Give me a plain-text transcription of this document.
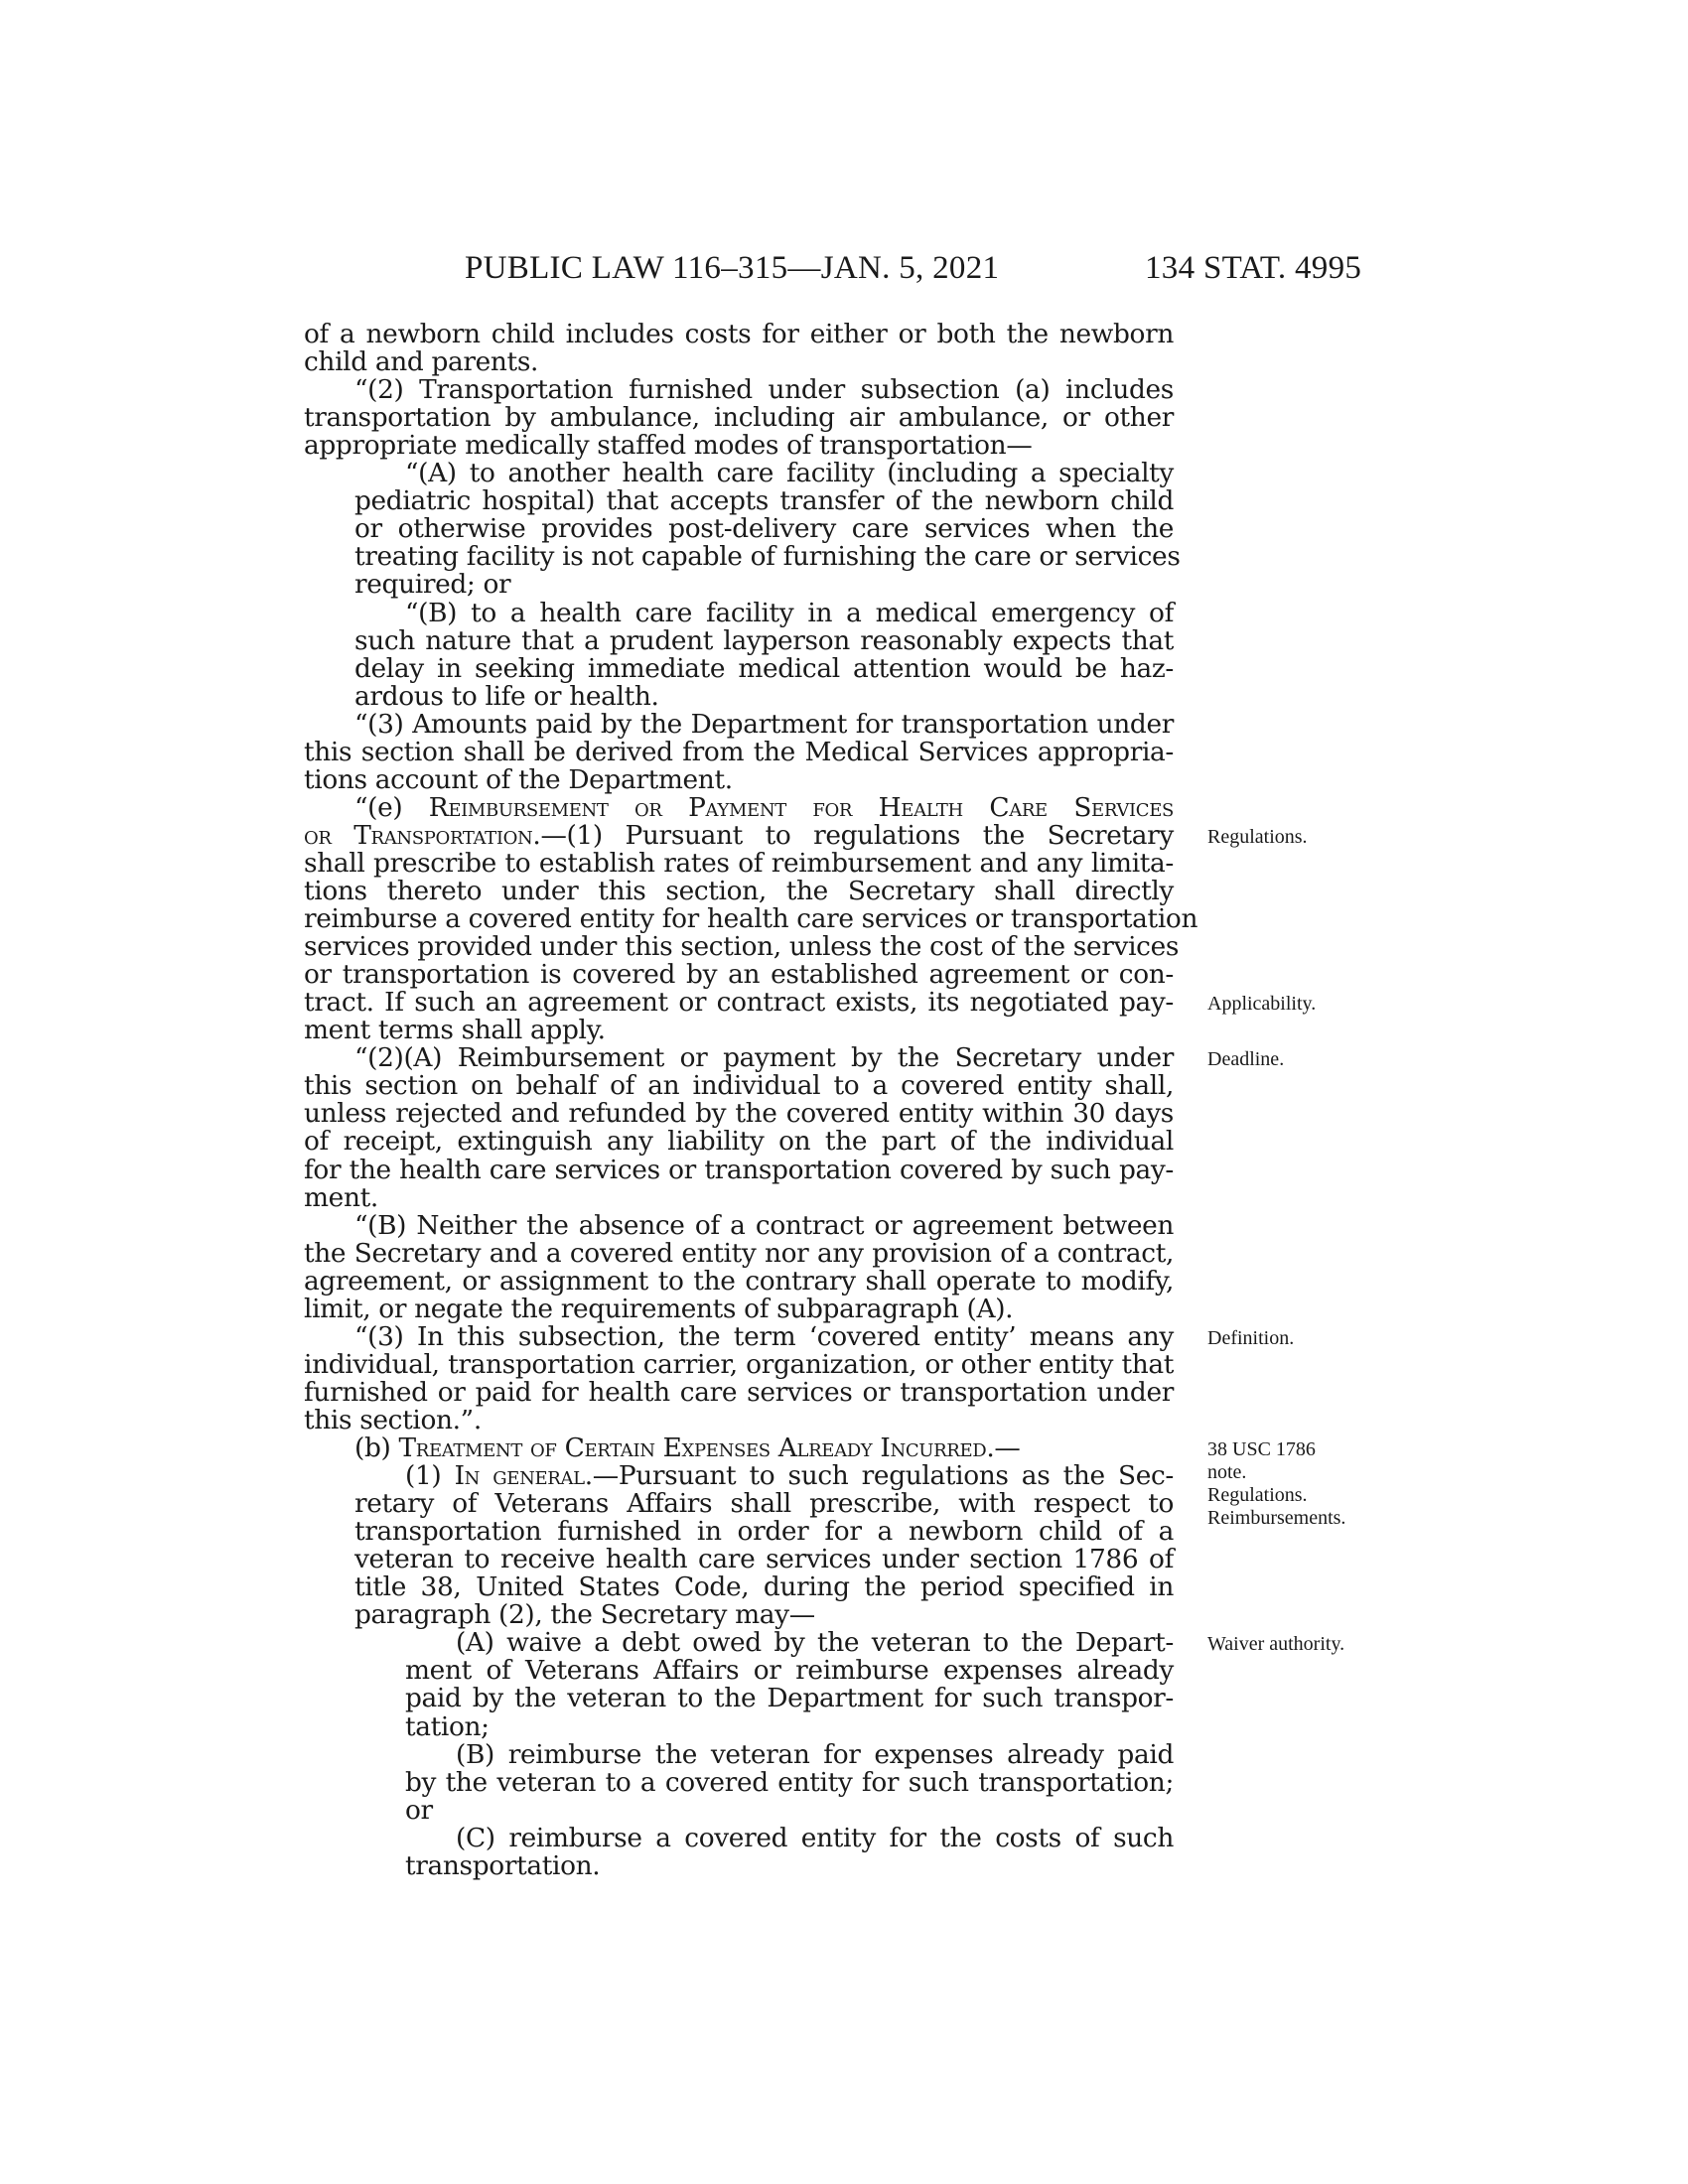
PUBLIC LAW 116–315—JAN. 5, 2021	134 STAT. 4995
of a newborn child includes costs for either or both the newborn
child and parents.
“(2) Transportation furnished under subsection (a) includes
transportation by ambulance, including air ambulance, or other
appropriate medically staffed modes of transportation—
“(A) to another health care facility (including a specialty
pediatric hospital) that accepts transfer of the newborn child
or otherwise provides post-delivery care services when the
treating facility is not capable of furnishing the care or services
required; or
“(B) to a health care facility in a medical emergency of
such nature that a prudent layperson reasonably expects that
delay in seeking immediate medical attention would be haz-
ardous to life or health.
“(3) Amounts paid by the Department for transportation under
this section shall be derived from the Medical Services appropria-
tions account of the Department.
“(e) Reimbursement or Payment for Health Care Services
or Transportation.—(1) Pursuant to regulations the Secretary
shall prescribe to establish rates of reimbursement and any limita-
tions thereto under this section, the Secretary shall directly
reimburse a covered entity for health care services or transportation
services provided under this section, unless the cost of the services
or transportation is covered by an established agreement or con-
tract. If such an agreement or contract exists, its negotiated pay-
ment terms shall apply.
“(2)(A) Reimbursement or payment by the Secretary under
this section on behalf of an individual to a covered entity shall,
unless rejected and refunded by the covered entity within 30 days
of receipt, extinguish any liability on the part of the individual
for the health care services or transportation covered by such pay-
ment.
“(B) Neither the absence of a contract or agreement between
the Secretary and a covered entity nor any provision of a contract,
agreement, or assignment to the contrary shall operate to modify,
limit, or negate the requirements of subparagraph (A).
“(3) In this subsection, the term ‘covered entity’ means any
individual, transportation carrier, organization, or other entity that
furnished or paid for health care services or transportation under
this section.”.
(b) Treatment of Certain Expenses Already Incurred.—
(1) In general.—Pursuant to such regulations as the Sec-
retary of Veterans Affairs shall prescribe, with respect to
transportation furnished in order for a newborn child of a
veteran to receive health care services under section 1786 of
title 38, United States Code, during the period specified in
paragraph (2), the Secretary may—
(A) waive a debt owed by the veteran to the Depart-
ment of Veterans Affairs or reimburse expenses already
paid by the veteran to the Department for such transpor-
tation;
(B) reimburse the veteran for expenses already paid
by the veteran to a covered entity for such transportation;
or
(C) reimburse a covered entity for the costs of such
transportation.
Regulations.
Applicability.
Deadline.
Definition.
38 USC 1786
note.
Regulations.
Reimbursements.
Waiver authority.
